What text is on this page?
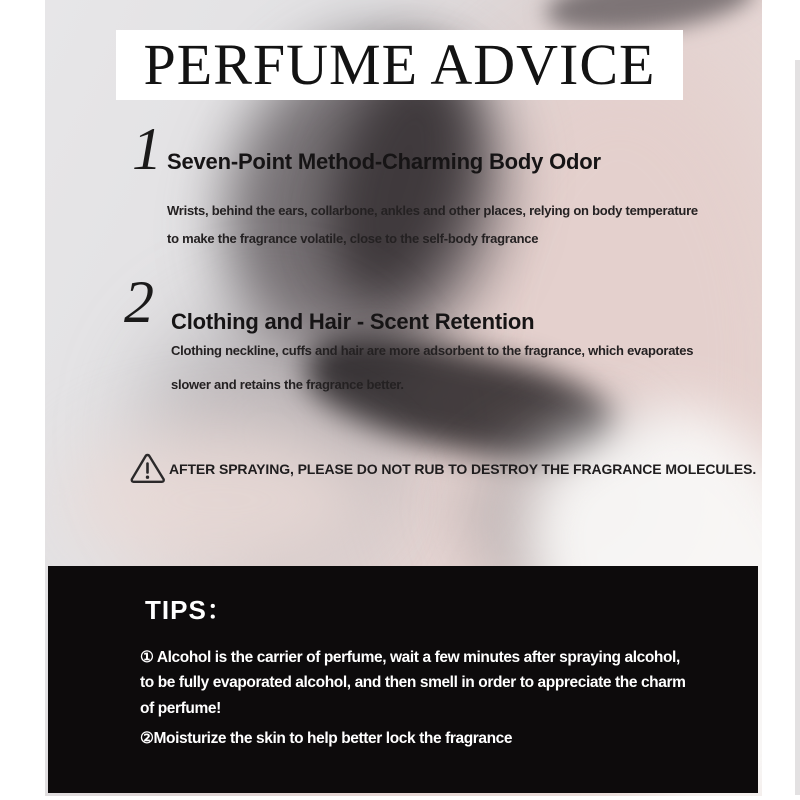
PERFUME ADVICE
1 Seven-Point Method-Charming Body Odor
Wrists, behind the ears, collarbone, ankles and other places, relying on body temperature
to make the fragrance volatile, close to the self-body fragrance
2 Clothing and Hair - Scent Retention
Clothing neckline, cuffs and hair are more adsorbent to the fragrance, which evaporates
slower and retains the fragrance better.
AFTER SPRAYING, PLEASE DO NOT RUB TO DESTROY THE FRAGRANCE MOLECULES.
TIPS：
① Alcohol is the carrier of perfume, wait a few minutes after spraying alcohol,
to be fully evaporated alcohol, and then smell in order to appreciate the charm
of perfume!
②Moisturize the skin to help better lock the fragrance
